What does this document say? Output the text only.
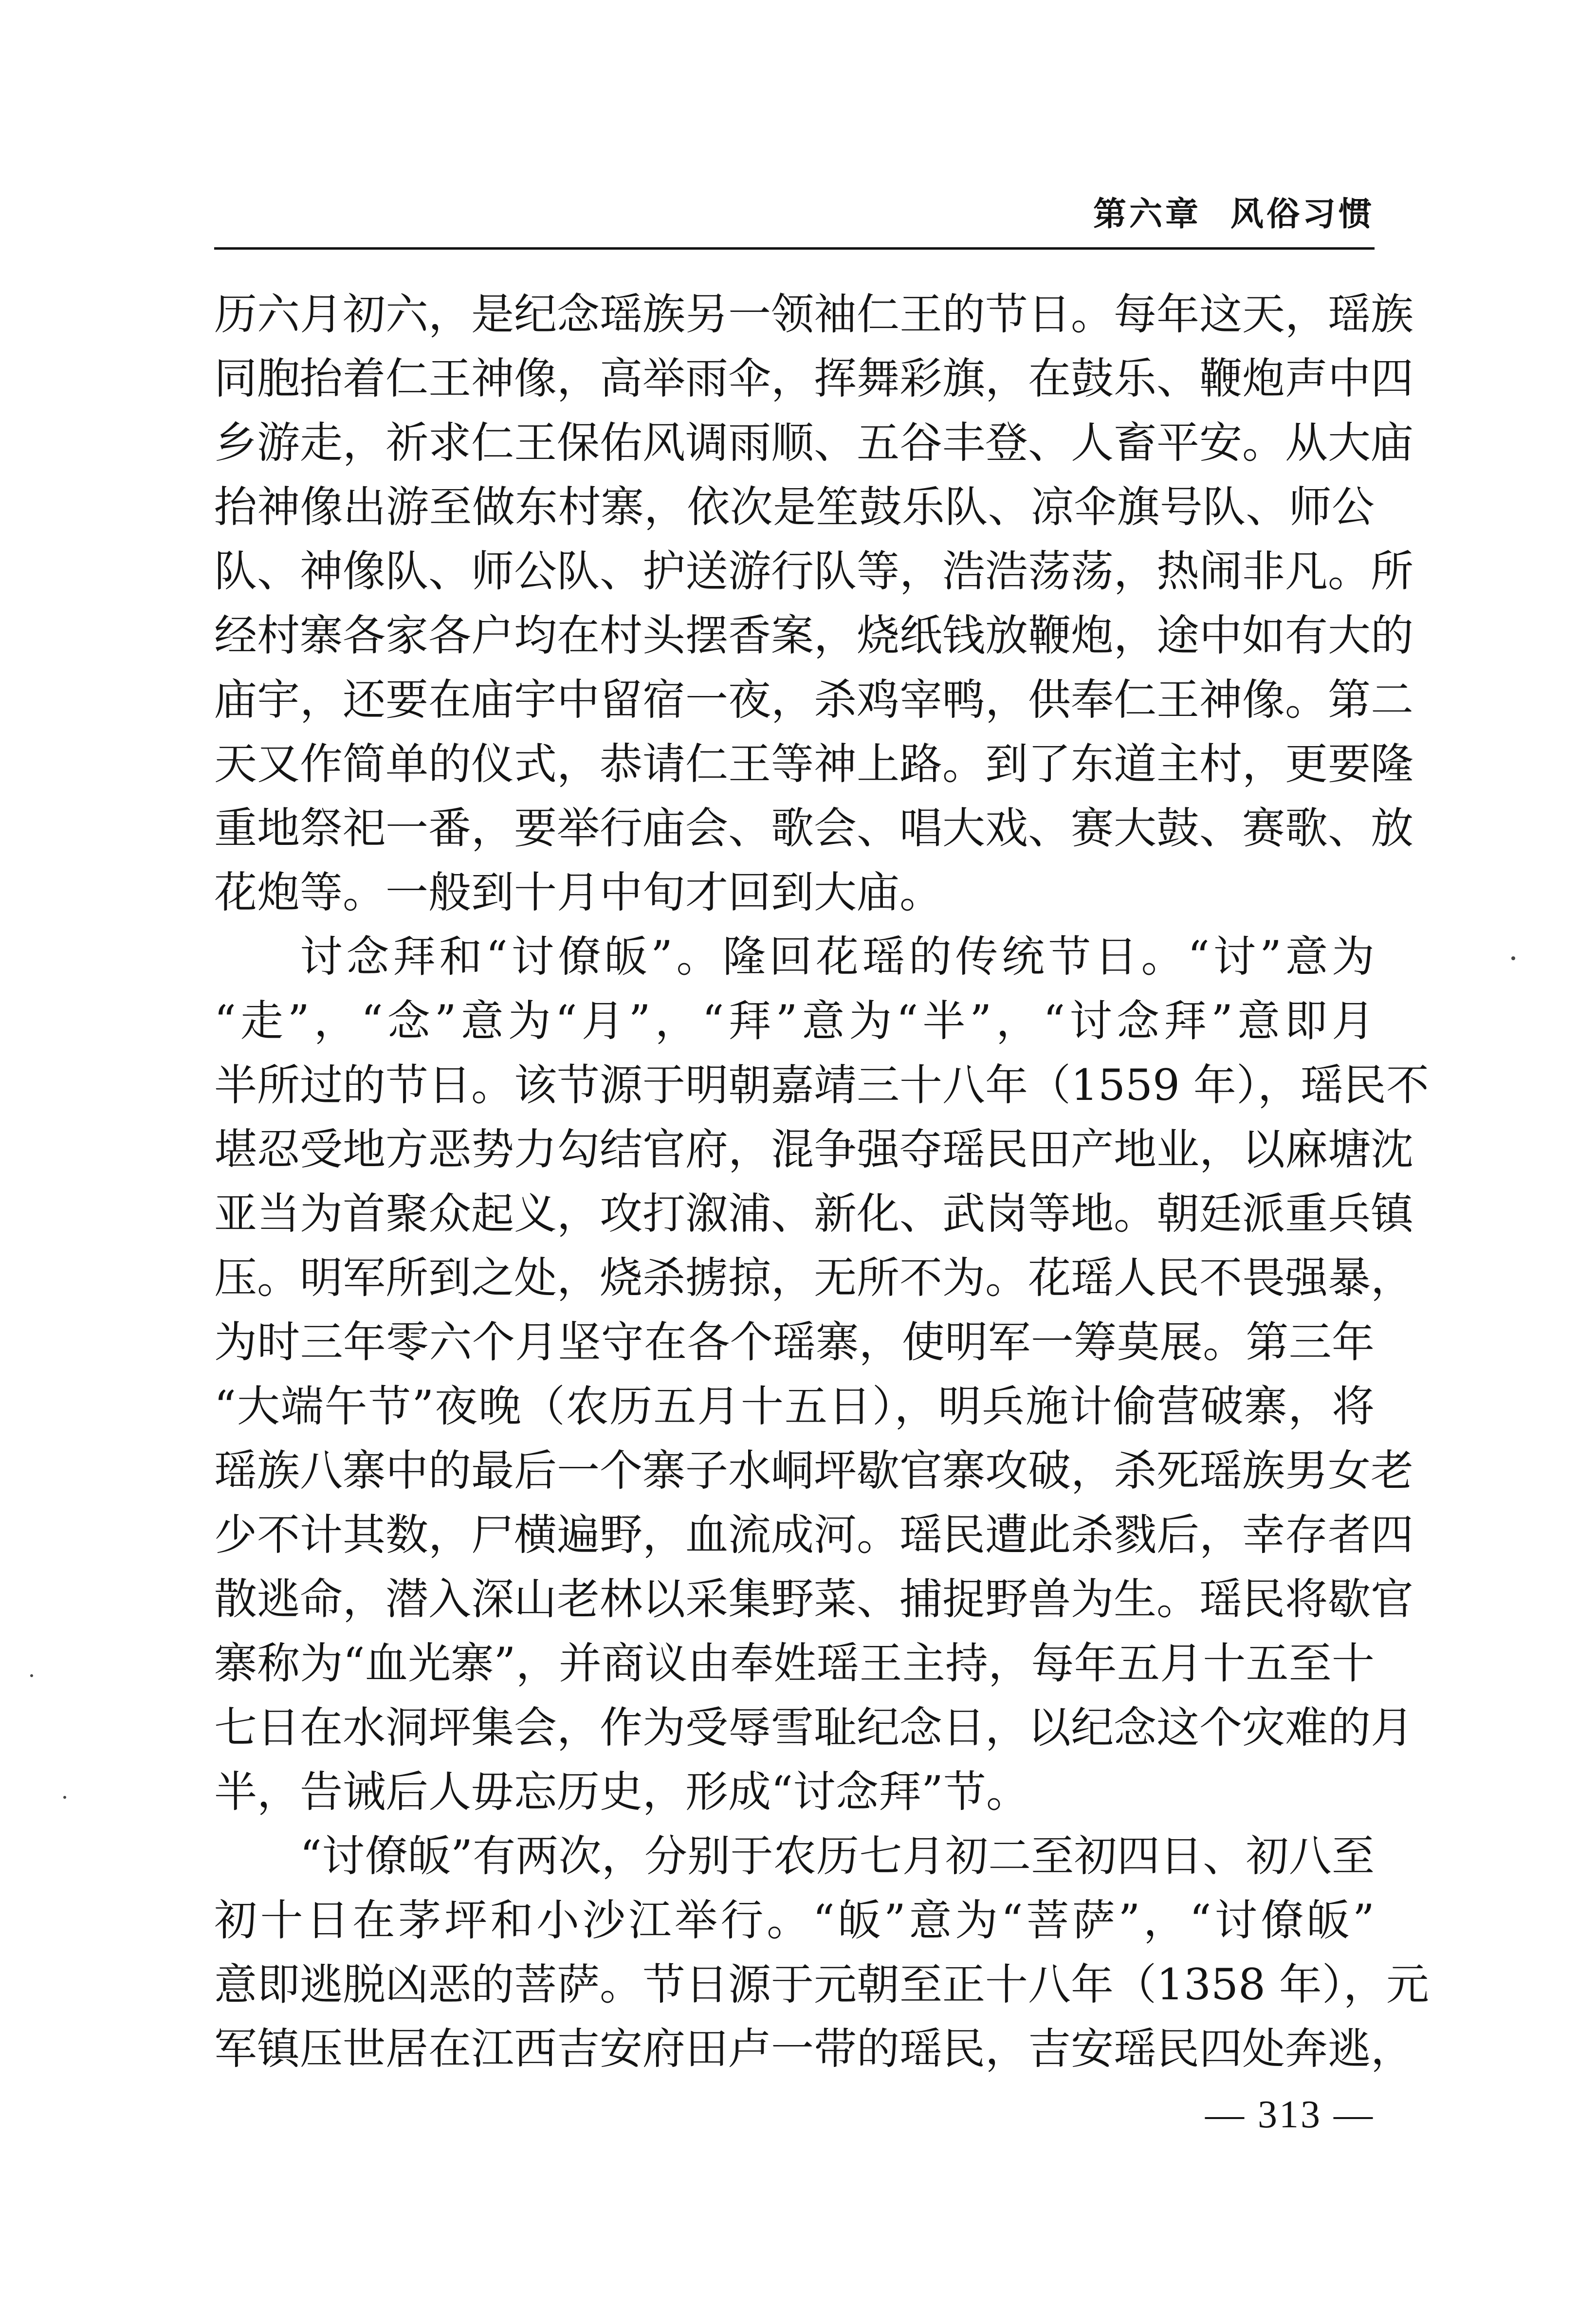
第六章 风俗习惯
历六月初六，是纪念瑶族另一领袖仁王的节日。每年这天，瑶族
同胞抬着仁王神像，高举雨伞，挥舞彩旗，在鼓乐、鞭炮声中四
乡游走，祈求仁王保佑风调雨顺、五谷丰登、人畜平安。从大庙
抬神像出游至做东村寨，依次是笙鼓乐队、凉伞旗号队、师公
队、神像队、师公队、护送游行队等，浩浩荡荡，热闹非凡。所
经村寨各家各户均在村头摆香案，烧纸钱放鞭炮，途中如有大的
庙宇，还要在庙宇中留宿一夜，杀鸡宰鸭，供奉仁王神像。第二
天又作简单的仪式，恭请仁王等神上路。到了东道主村，更要隆
重地祭祀一番，要举行庙会、歌会、唱大戏、赛大鼓、赛歌、放
花炮等。一般到十月中旬才回到大庙。
讨念拜和“讨僚皈”。隆回花瑶的传统节日。“讨”意为
“走”，“念”意为“月”，“拜”意为“半”，“讨念拜”意即月
半所过的节日。该节源于明朝嘉靖三十八年（1559 年），瑶民不
堪忍受地方恶势力勾结官府，混争强夺瑶民田产地业，以麻塘沈
亚当为首聚众起义，攻打溆浦、新化、武岗等地。朝廷派重兵镇
压。明军所到之处，烧杀掳掠，无所不为。花瑶人民不畏强暴，
为时三年零六个月坚守在各个瑶寨，使明军一筹莫展。第三年
“大端午节”夜晚（农历五月十五日），明兵施计偷营破寨，将
瑶族八寨中的最后一个寨子水峒坪歇官寨攻破，杀死瑶族男女老
少不计其数，尸横遍野，血流成河。瑶民遭此杀戮后，幸存者四
散逃命，潜入深山老林以采集野菜、捕捉野兽为生。瑶民将歇官
寨称为“血光寨”，并商议由奉姓瑶王主持，每年五月十五至十
七日在水洞坪集会，作为受辱雪耻纪念日，以纪念这个灾难的月
半，告诫后人毋忘历史，形成“讨念拜”节。
“讨僚皈”有两次，分别于农历七月初二至初四日、初八至
初十日在茅坪和小沙江举行。“皈”意为“菩萨”，“讨僚皈”
意即逃脱凶恶的菩萨。节日源于元朝至正十八年（1358 年），元
军镇压世居在江西吉安府田卢一带的瑶民，吉安瑶民四处奔逃，
— 313 —
